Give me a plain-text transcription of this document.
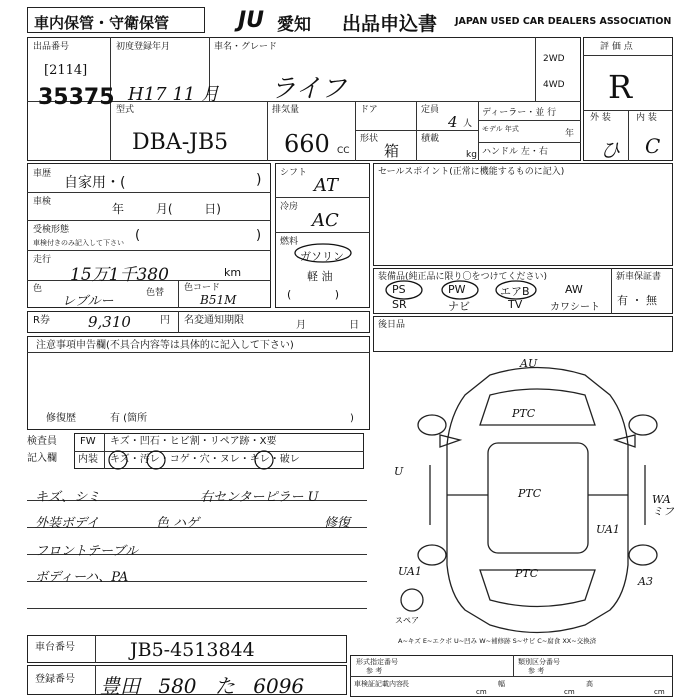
車内保管・守衛保管	JU 愛知 出品申込書 JAPAN USED CAR DEALERS ASSOCIATION
出品番号
[2114]
35375
初度登録年月
H17 11 月
車名・グレード
ライフ
2WD
4WD
評 価 点
R
外 装	内 装
ひ C
型式
DBA-JB5
排気量
660 CC
ドア	定員
4 人
形状
箱
積載
kg
ディーラー・並 行
モデル 年式	年
ハンドル 左・右
車歴
自家用・(	)
車検	年 月( 日)
受検形態
車検付きのみ記入して下さい (	)
走行
15万1千380	km
色
レブルー
色替 色コード
B51M
シフト
AT
冷房
AC
燃料
ガソリン
軽 油
( )
セールスポイント(正常に機能するものに記入)
装備品(純正品に限り〇をつけてください)
PS	PW	エアB	AW
SR	ナビ	TV	カワシート
新車保証書
有 ・ 無
R券	9,310	円 名変通知期限	月 日 後日品
注意事項申告欄(不具合内容等は具体的に記入して下さい)
修復歴	有 (箇所	)
検査員
記入欄
FW キズ・凹石・ヒビ割・リペア跡・X要
内装 キズ・汚レ・コゲ・穴・ヌレ・キレ・破レ
キズ、シミ
外装ボデイ	色 ハゲ
フロントテーブル
ボディーハ、PA
右センターピラー U
修復
AU
PTC
PTC
PTC
UA1
UA1
WA
ミフ
U
A3
スペア
A~キズ E~エクボ U~凹み W~補修跡 S~サビ C~腐食 XX~交換済
車台番号	JB5-4513844
登録番号 豊田 580 た 6096
形式指定番号
参 考
類別区分番号
参 考
車検証記載内容 長
cm
幅
cm
高
cm
